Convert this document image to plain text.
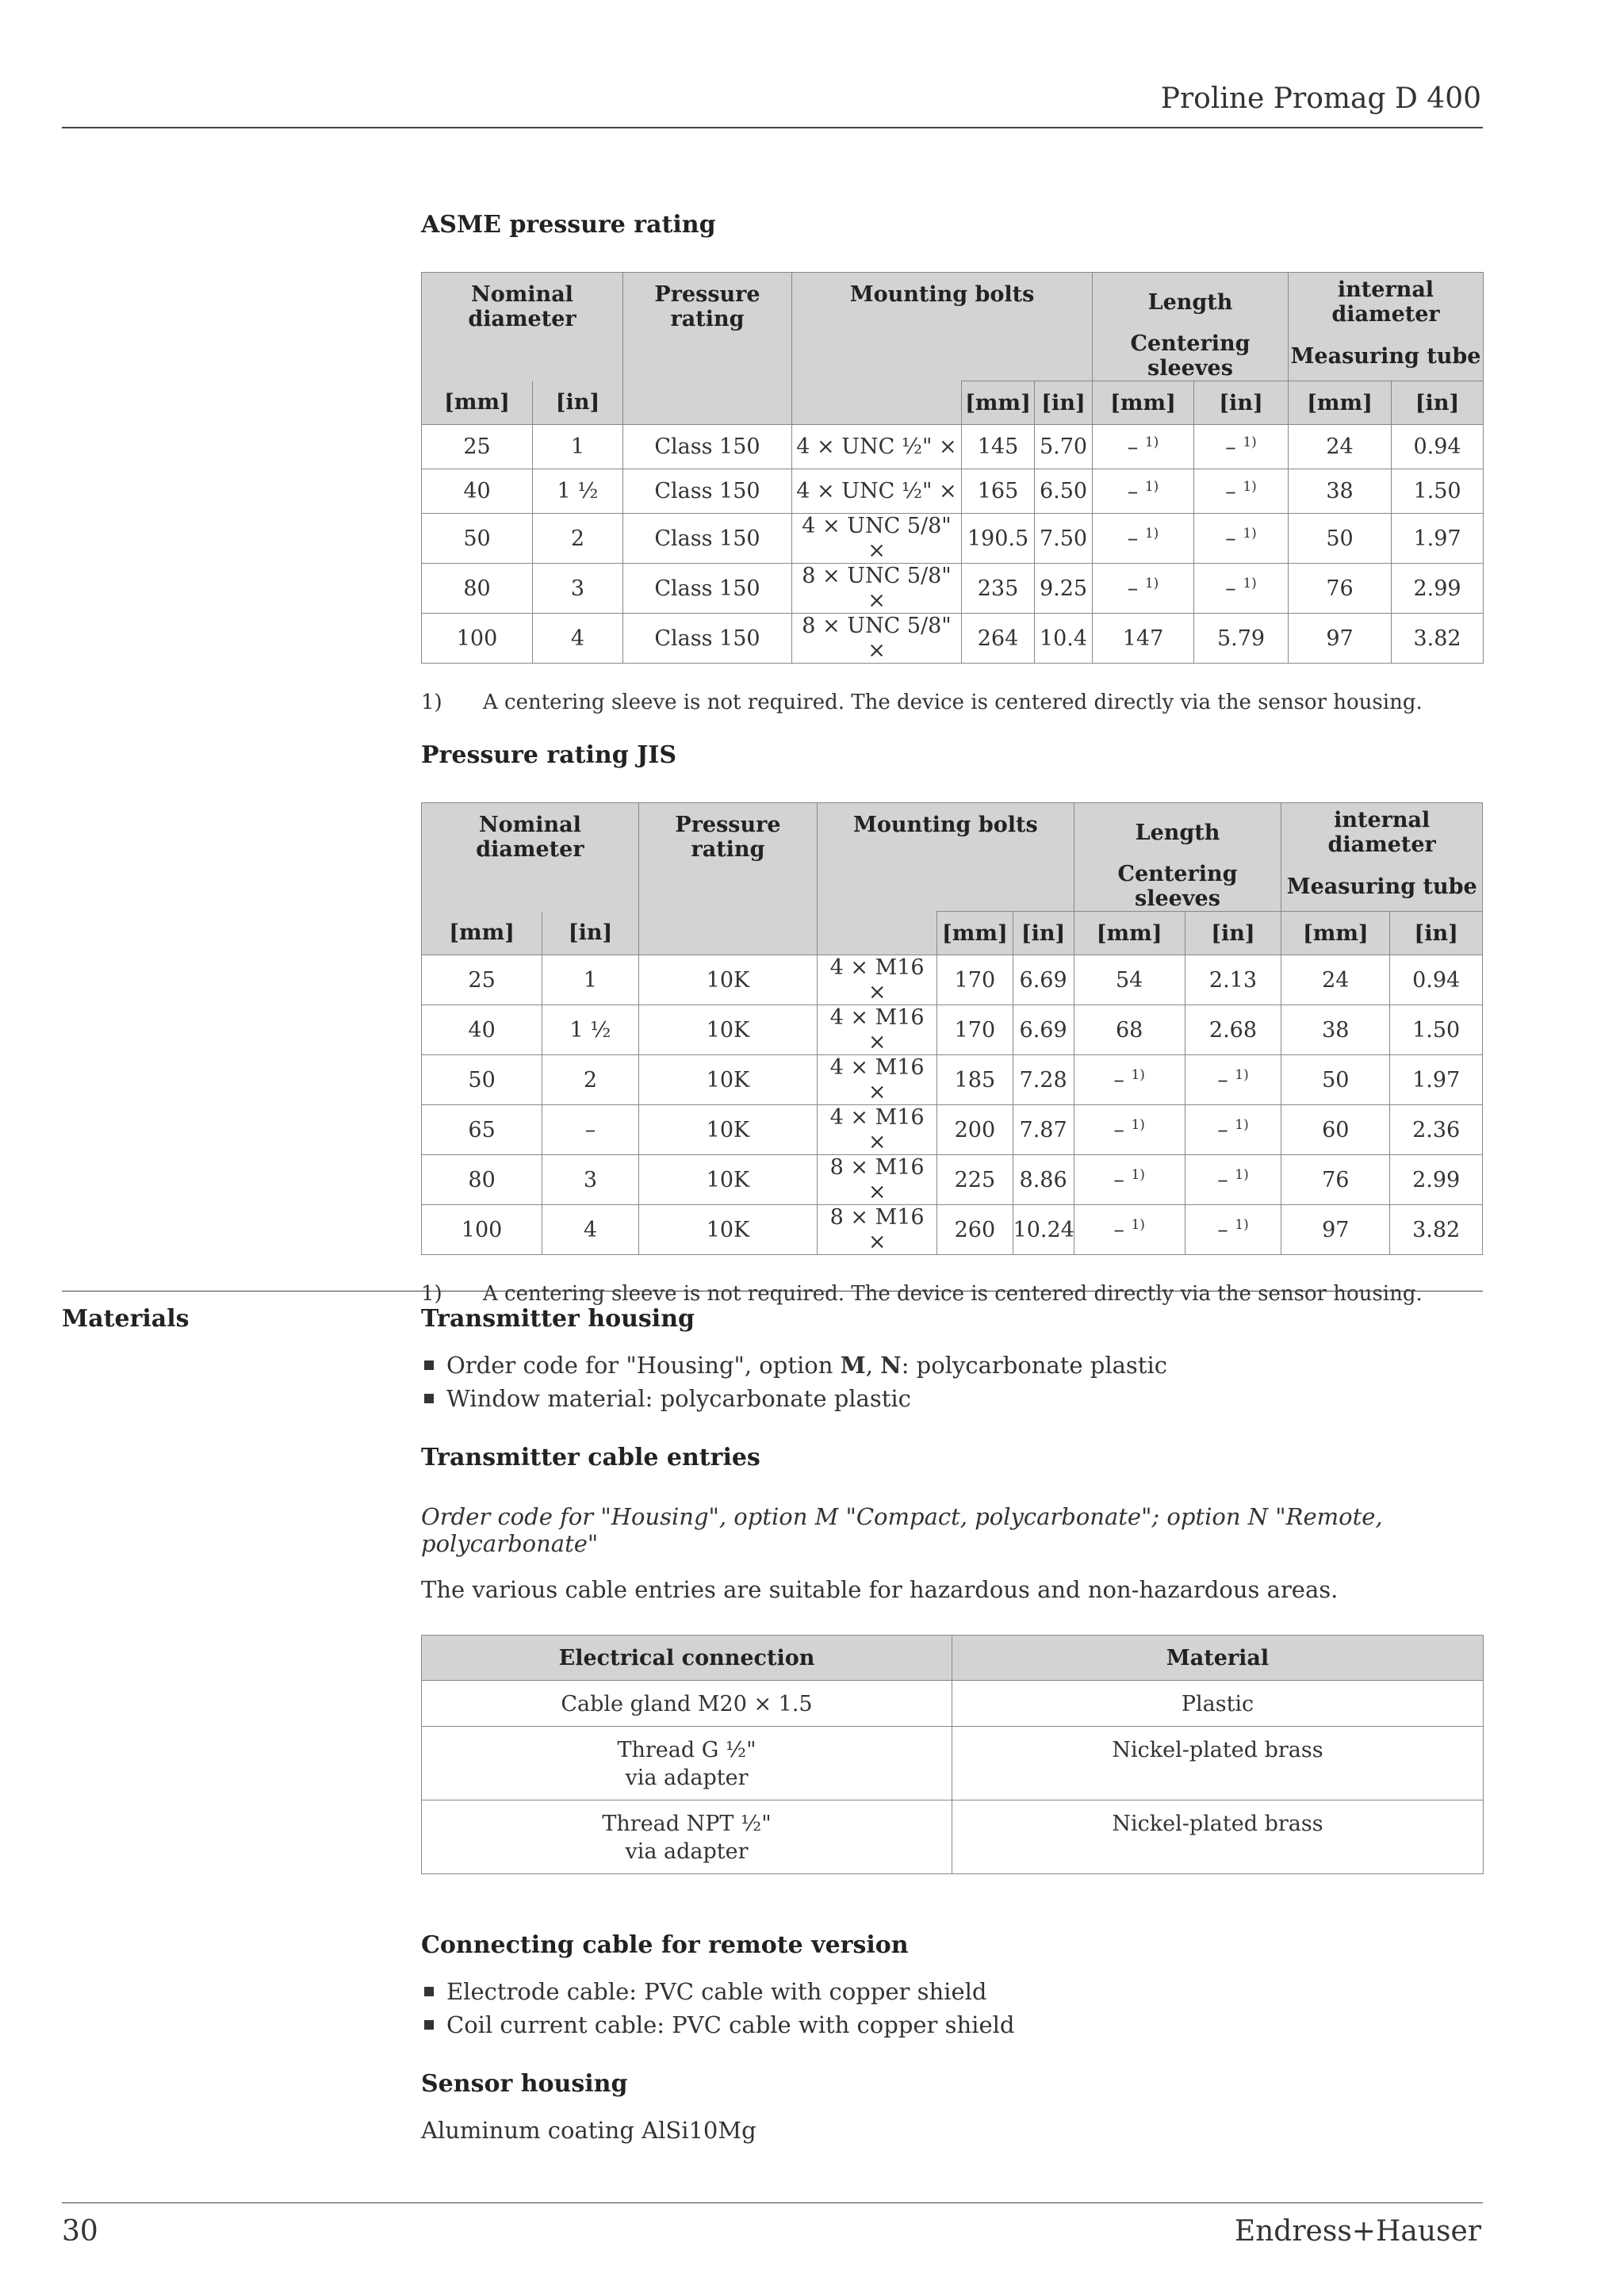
Proline Promag D 400
ASME pressure rating
Nominal diameter		Pressure rating	Mounting bolts			Length		internal diameter	
						Centering sleeves		Measuring tube	
[mm]	[in]			[mm]	[in]	[mm]	[in]	[mm]	[in]
25	1	Class 150	4 × UNC ½" ×	145	5.70	– $^{1)}$	– $^{1)}$	24	0.94
40	1 ½	Class 150	4 × UNC ½" ×	165	6.50	– $^{1)}$	– $^{1)}$	38	1.50
50	2	Class 150	4 × UNC 5/8" ×	190.5	7.50	– $^{1)}$	– $^{1)}$	50	1.97
80	3	Class 150	8 × UNC 5/8" ×	235	9.25	– $^{1)}$	– $^{1)}$	76	2.99
100	4	Class 150	8 × UNC 5/8" ×	264	10.4	147	5.79	97	3.82
1)	A centering sleeve is not required. The device is centered directly via the sensor housing.
Pressure rating JIS
Nominal diameter		Pressure rating	Mounting bolts			Length		internal diameter	
						Centering sleeves		Measuring tube	
[mm]	[in]			[mm]	[in]	[mm]	[in]	[mm]	[in]
25	1	10K	4 × M16 ×	170	6.69	54	2.13	24	0.94
40	1 ½	10K	4 × M16 ×	170	6.69	68	2.68	38	1.50
50	2	10K	4 × M16 ×	185	7.28	– $^{1)}$	– $^{1)}$	50	1.97
65	–	10K	4 × M16 ×	200	7.87	– $^{1)}$	– $^{1)}$	60	2.36
80	3	10K	8 × M16 ×	225	8.86	– $^{1)}$	– $^{1)}$	76	2.99
100	4	10K	8 × M16 ×	260	10.24	– $^{1)}$	– $^{1)}$	97	3.82
1)	A centering sleeve is not required. The device is centered directly via the sensor housing.
Materials	Transmitter housing
Order code for "Housing", option M, N: polycarbonate plastic
Window material: polycarbonate plastic
Transmitter cable entries
Order code for "Housing", option M "Compact, polycarbonate"; option N "Remote, polycarbonate"
The various cable entries are suitable for hazardous and non-hazardous areas.
Electrical connection	Material

Cable gland M20 × 1.5	Plastic

Thread G ½"
via adapter	Nickel-plated brass

Thread NPT ½"
via adapter	Nickel-plated brass
Connecting cable for remote version
Electrode cable: PVC cable with copper shield
Coil current cable: PVC cable with copper shield
Sensor housing
Aluminum coating AlSi10Mg
30	Endress+Hauser
